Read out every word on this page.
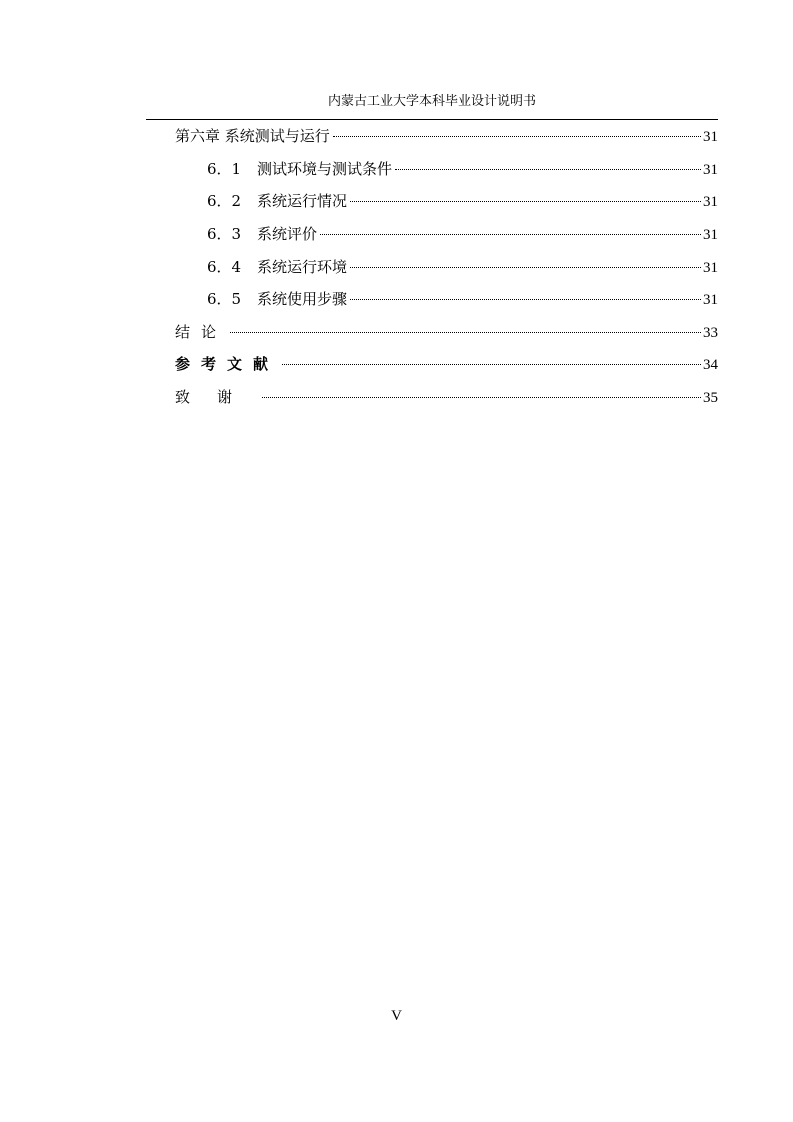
内蒙古工业大学本科毕业设计说明书
第六章 系统测试与运行	31
6．1	测试环境与测试条件	31
6．2	系统运行情况	31
6．3	系统评价	31
6．4	系统运行环境	31
6．5	系统使用步骤	31
结论	33
参考文献	34
致谢	35
V
